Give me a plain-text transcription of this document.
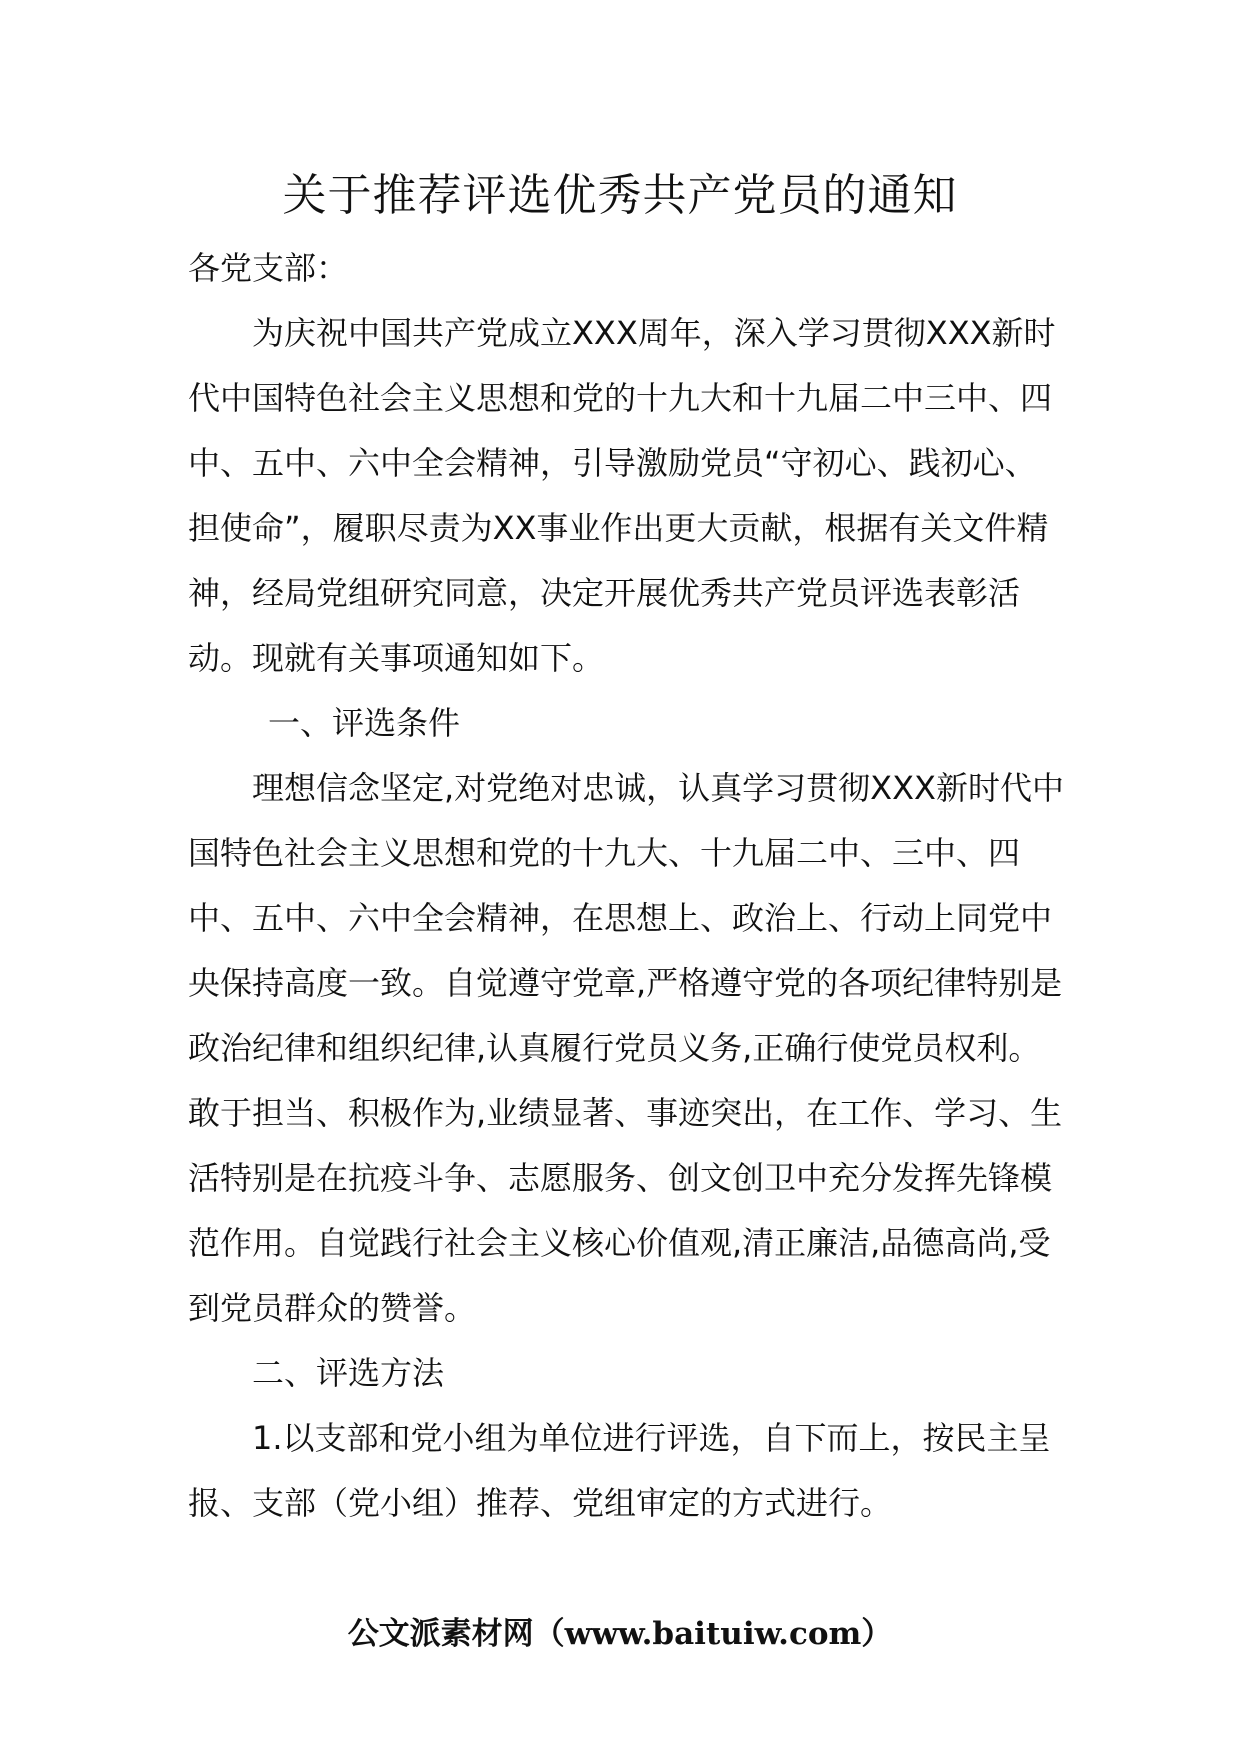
关于推荐评选优秀共产党员的通知

各党支部：

为庆祝中国共产党成立XXX周年，深入学习贯彻XXX新时代中国特色社会主义思想和党的十九大和十九届二中三中、四中、五中、六中全会精神，引导激励党员“守初心、践初心、担使命”，履职尽责为XX事业作出更大贡献，根据有关文件精神，经局党组研究同意，决定开展优秀共产党员评选表彰活动。现就有关事项通知如下。

一、评选条件

理想信念坚定,对党绝对忠诚，认真学习贯彻XXX新时代中国特色社会主义思想和党的十九大、十九届二中、三中、四中、五中、六中全会精神，在思想上、政治上、行动上同党中央保持高度一致。自觉遵守党章,严格遵守党的各项纪律特别是政治纪律和组织纪律,认真履行党员义务,正确行使党员权利。敢于担当、积极作为,业绩显著、事迹突出，在工作、学习、生活特别是在抗疫斗争、志愿服务、创文创卫中充分发挥先锋模范作用。自觉践行社会主义核心价值观,清正廉洁,品德高尚,受到党员群众的赞誉。

二、评选方法

1.以支部和党小组为单位进行评选，自下而上，按民主呈报、支部（党小组）推荐、党组审定的方式进行。

公文派素材网（www.baituiw.com）
